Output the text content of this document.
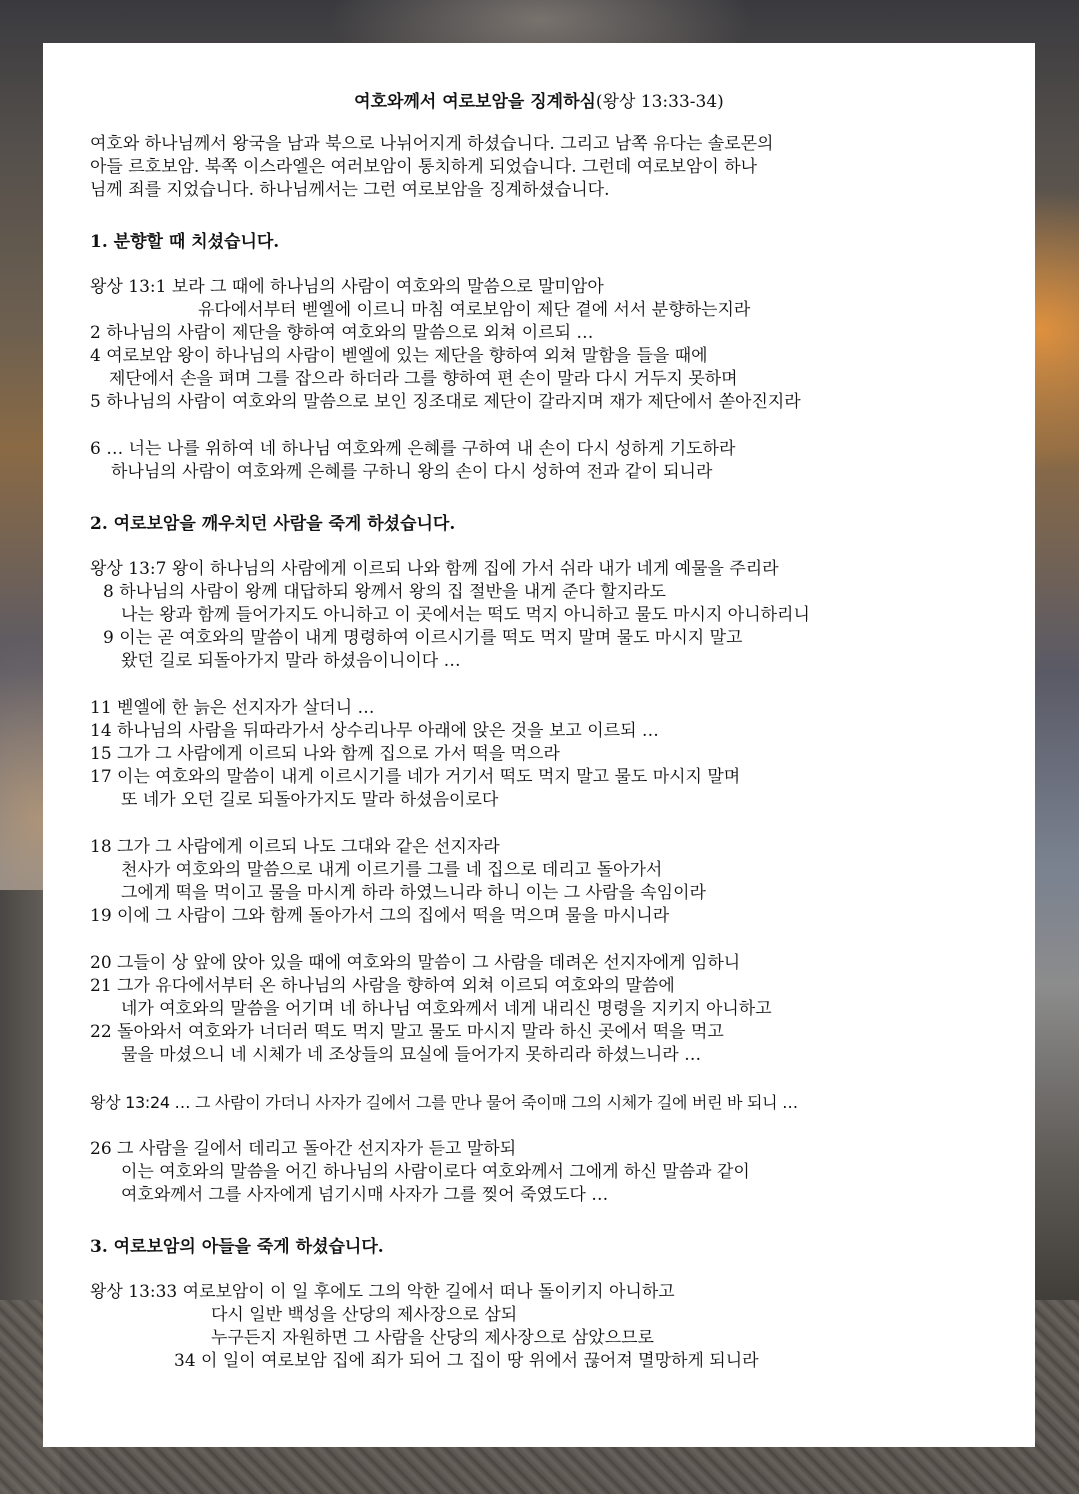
여호와께서 여로보암을 징계하심(왕상 13:33-34)
여호와 하나님께서 왕국을 남과 북으로 나뉘어지게 하셨습니다. 그리고 남쪽 유다는 솔로몬의
아들 르호보암. 북쪽 이스라엘은 여러보암이 통치하게 되었습니다. 그런데 여로보암이 하나
님께 죄를 지었습니다. 하나님께서는 그런 여로보암을 징계하셨습니다.
1. 분향할 때 치셨습니다.
왕상 13:1 보라 그 때에 하나님의 사람이 여호와의 말씀으로 말미암아
유다에서부터 벧엘에 이르니 마침 여로보암이 제단 곁에 서서 분향하는지라
2 하나님의 사람이 제단을 향하여 여호와의 말씀으로 외쳐 이르되 …
4 여로보암 왕이 하나님의 사람이 벧엘에 있는 제단을 향하여 외쳐 말함을 들을 때에
제단에서 손을 펴며 그를 잡으라 하더라 그를 향하여 편 손이 말라 다시 거두지 못하며
5 하나님의 사람이 여호와의 말씀으로 보인 징조대로 제단이 갈라지며 재가 제단에서 쏟아진지라
6 … 너는 나를 위하여 네 하나님 여호와께 은혜를 구하여 내 손이 다시 성하게 기도하라
하나님의 사람이 여호와께 은혜를 구하니 왕의 손이 다시 성하여 전과 같이 되니라
2. 여로보암을 깨우치던 사람을 죽게 하셨습니다.
왕상 13:7 왕이 하나님의 사람에게 이르되 나와 함께 집에 가서 쉬라 내가 네게 예물을 주리라
8 하나님의 사람이 왕께 대답하되 왕께서 왕의 집 절반을 내게 준다 할지라도
나는 왕과 함께 들어가지도 아니하고 이 곳에서는 떡도 먹지 아니하고 물도 마시지 아니하리니
9 이는 곧 여호와의 말씀이 내게 명령하여 이르시기를 떡도 먹지 말며 물도 마시지 말고
왔던 길로 되돌아가지 말라 하셨음이니이다 …
11 벧엘에 한 늙은 선지자가 살더니 …
14 하나님의 사람을 뒤따라가서 상수리나무 아래에 앉은 것을 보고 이르되 …
15 그가 그 사람에게 이르되 나와 함께 집으로 가서 떡을 먹으라
17 이는 여호와의 말씀이 내게 이르시기를 네가 거기서 떡도 먹지 말고 물도 마시지 말며
또 네가 오던 길로 되돌아가지도 말라 하셨음이로다
18 그가 그 사람에게 이르되 나도 그대와 같은 선지자라
천사가 여호와의 말씀으로 내게 이르기를 그를 네 집으로 데리고 돌아가서
그에게 떡을 먹이고 물을 마시게 하라 하였느니라 하니 이는 그 사람을 속임이라
19 이에 그 사람이 그와 함께 돌아가서 그의 집에서 떡을 먹으며 물을 마시니라
20 그들이 상 앞에 앉아 있을 때에 여호와의 말씀이 그 사람을 데려온 선지자에게 임하니
21 그가 유다에서부터 온 하나님의 사람을 향하여 외쳐 이르되 여호와의 말씀에
네가 여호와의 말씀을 어기며 네 하나님 여호와께서 네게 내리신 명령을 지키지 아니하고
22 돌아와서 여호와가 너더러 떡도 먹지 말고 물도 마시지 말라 하신 곳에서 떡을 먹고
물을 마셨으니 네 시체가 네 조상들의 묘실에 들어가지 못하리라 하셨느니라 …
왕상 13:24 … 그 사람이 가더니 사자가 길에서 그를 만나 물어 죽이매 그의 시체가 길에 버린 바 되니 …
26 그 사람을 길에서 데리고 돌아간 선지자가 듣고 말하되
이는 여호와의 말씀을 어긴 하나님의 사람이로다 여호와께서 그에게 하신 말씀과 같이
여호와께서 그를 사자에게 넘기시매 사자가 그를 찢어 죽였도다 …
3. 여로보암의 아들을 죽게 하셨습니다.
왕상 13:33 여로보암이 이 일 후에도 그의 악한 길에서 떠나 돌이키지 아니하고
다시 일반 백성을 산당의 제사장으로 삼되
누구든지 자원하면 그 사람을 산당의 제사장으로 삼았으므로
34 이 일이 여로보암 집에 죄가 되어 그 집이 땅 위에서 끊어져 멸망하게 되니라
